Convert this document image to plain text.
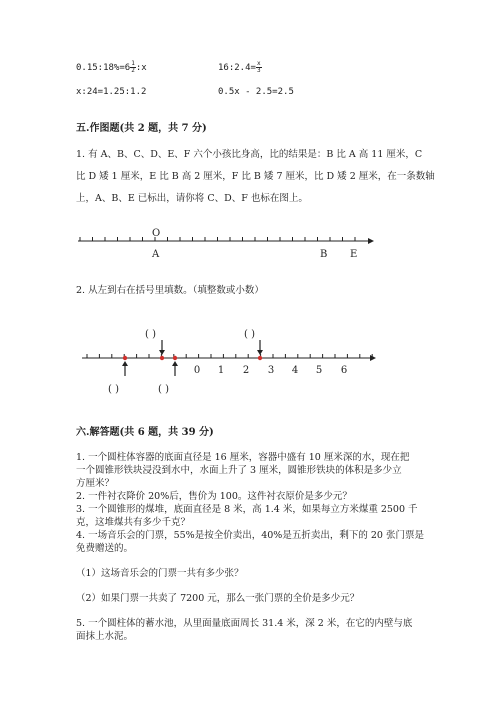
0.15:18%=6 $\frac{1}{2}$ :x	16:2.4= $\frac{x}{3}$
x:24=1.25:1.2	0.5x - 2.5=2.5
五.作图题(共 2 题，共 7 分)
1. 有 A、B、C、D、E、F 六个小孩比身高，比的结果是：B 比 A 高 11 厘米，C
比 D 矮 1 厘米，E 比 B 高 2 厘米，F 比 B 矮 7 厘米，比 D 矮 2 厘米，在一条数轴
上，A、B、E 已标出，请你将 C、D、F 也标在图上。
O
A	B E
2. 从左到右在括号里填数。（填整数或小数）
0 1 2 3 4 5 6
( )	( )
( )	( )
六.解答题(共 6 题，共 39 分)
1. 一个圆柱体容器的底面直径是 16 厘米，容器中盛有 10 厘米深的水，现在把
一个圆锥形铁块浸没到水中，水面上升了 3 厘米，圆锥形铁块的体积是多少立
方厘米？
2. 一件衬衣降价 20%后，售价为 100。这件衬衣原价是多少元？
3. 一个圆锥形的煤堆，底面直径是 8 米，高 1.4 米，如果每立方米煤重 2500 千
克，这堆煤共有多少千克？
4. 一场音乐会的门票，55%是按全价卖出，40%是五折卖出，剩下的 20 张门票是
免费赠送的。
（1）这场音乐会的门票一共有多少张？
（2）如果门票一共卖了 7200 元，那么一张门票的全价是多少元？
5. 一个圆柱体的蓄水池，从里面量底面周长 31.4 米，深 2 米，在它的内壁与底
面抹上水泥。
